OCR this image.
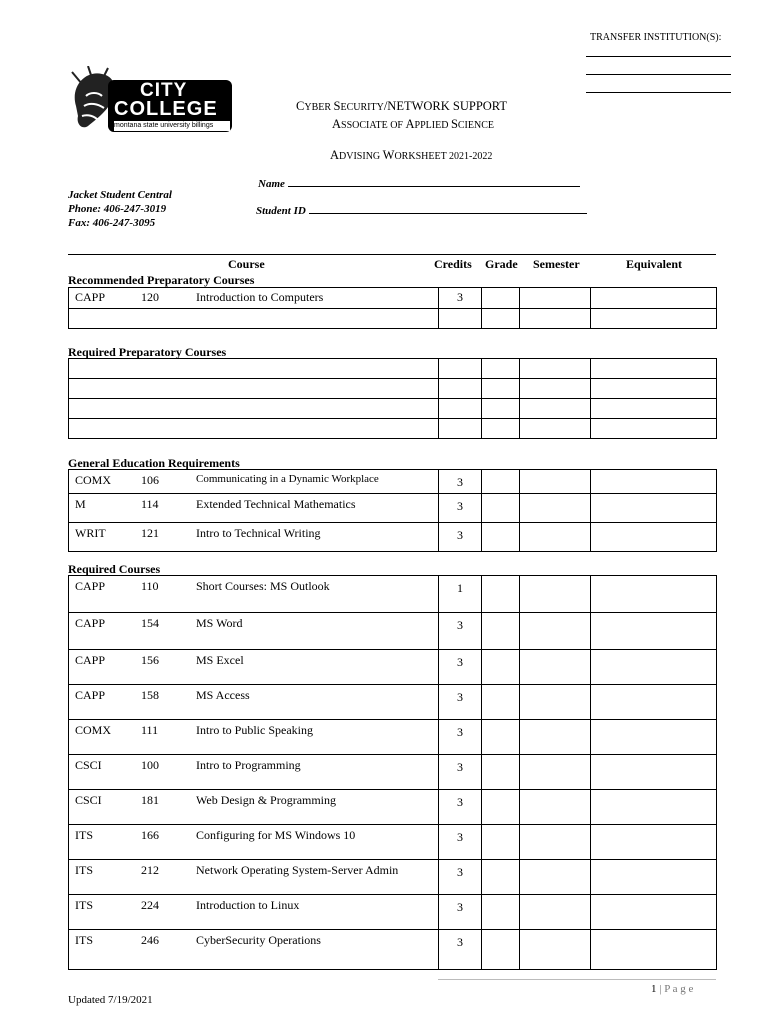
TRANSFER INSTITUTION(S):
CITY
COLLEGE
montana state university billings
CYBER SECURITY/NETWORK SUPPORT
ASSOCIATE OF APPLIED SCIENCE
ADVISING WORKSHEET 2021-2022
Jacket Student Central
Phone: 406-247-3019
Fax: 406-247-3095
Name
Student ID
Course	Credits Grade Semester	Equivalent
Recommended Preparatory Courses
CAPP 120 Introduction to Computers	3			

Required Preparatory Courses

General Education Requirements
COMX 106 Communicating in a Dynamic Workplace	3			

M 114 Extended Technical Mathematics	3			

WRIT 121 Intro to Technical Writing	3			

Required Courses
CAPP 110 Short Courses: MS Outlook	1			

CAPP 154 MS Word	3			

CAPP 156 MS Excel	3			

CAPP 158 MS Access	3			

COMX 111 Intro to Public Speaking	3			

CSCI 100 Intro to Programming	3			

CSCI 181 Web Design & Programming	3			

ITS 166 Configuring for MS Windows 10	3			

ITS 212 Network Operating System-Server Admin	3			

ITS 224 Introduction to Linux	3			

ITS 246 CyberSecurity Operations	3			

1 | P a g e
Updated 7/19/2021
